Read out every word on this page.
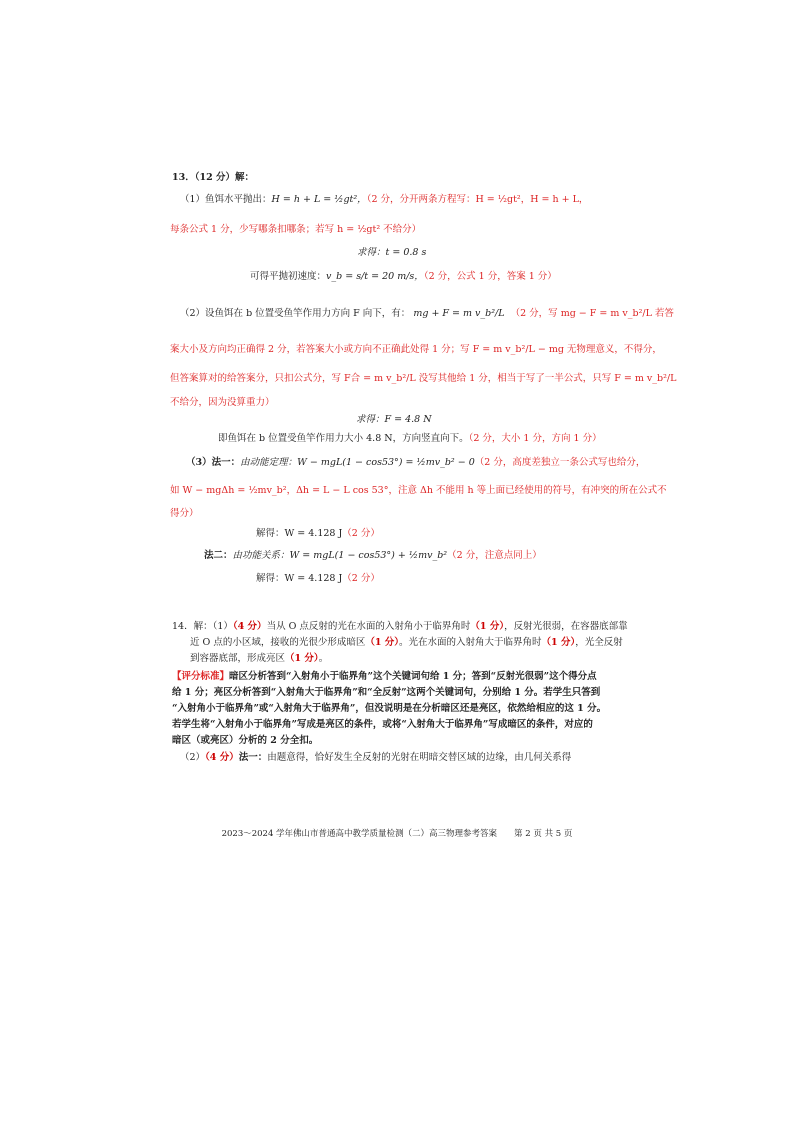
13．（12 分）解：
（1）鱼饵水平抛出：H = h + L = ½gt²，（2 分，分开两条方程写：H = ½gt²，H = h + L，
每条公式 1 分，少写哪条扣哪条；若写 h = ½gt² 不给分）
求得：t = 0.8 s
可得平抛初速度：v_b = s/t = 20 m/s，（2 分，公式 1 分，答案 1 分）
（2）设鱼饵在 b 位置受鱼竿作用力方向 F 向下，有： mg + F = m v_b²/L （2 分，写 mg − F = m v_b²/L 若答
案大小及方向均正确得 2 分，若答案大小或方向不正确此处得 1 分；写 F = m v_b²/L − mg 无物理意义，不得分，
但答案算对的给答案分，只扣公式分，写 F合 = m v_b²/L 没写其他给 1 分，相当于写了一半公式，只写 F = m v_b²/L
不给分，因为没算重力）
求得：F = 4.8 N
即鱼饵在 b 位置受鱼竿作用力大小 4.8 N，方向竖直向下。（2 分，大小 1 分，方向 1 分）
（3）法一：由动能定理：W − mgL(1 − cos53°) = ½mv_b² − 0（2 分，高度差独立一条公式写也给分，
如 W − mgΔh = ½mv_b²，Δh = L − L cos 53°，注意 Δh 不能用 h 等上面已经使用的符号，有冲突的所在公式不
得分）
解得：W = 4.128 J（2 分）
法二：由功能关系：W = mgL(1 − cos53°) + ½mv_b²（2 分，注意点同上）
解得：W = 4.128 J（2 分）
14．解：（1）（4 分）当从 O 点反射的光在水面的入射角小于临界角时（1 分），反射光很弱，在容器底部靠
近 O 点的小区域，接收的光很少形成暗区（1 分）。光在水面的入射角大于临界角时（1 分），光全反射
到容器底部，形成亮区（1 分）。
【评分标准】暗区分析答到“入射角小于临界角”这个关键词句给 1 分；答到“反射光很弱”这个得分点
给 1 分；亮区分析答到“入射角大于临界角”和“全反射”这两个关键词句，分别给 1 分。若学生只答到
“入射角小于临界角”或“入射角大于临界角”，但没说明是在分析暗区还是亮区，依然给相应的这 1 分。
若学生将“入射角小于临界角”写成是亮区的条件，或将“入射角大于临界角”写成暗区的条件，对应的
暗区（或亮区）分析的 2 分全扣。
（2）（4 分）法一：由题意得，恰好发生全反射的光射在明暗交替区域的边缘，由几何关系得
2023～2024 学年佛山市普通高中教学质量检测（二）高三物理参考答案　　第 2 页 共 5 页
